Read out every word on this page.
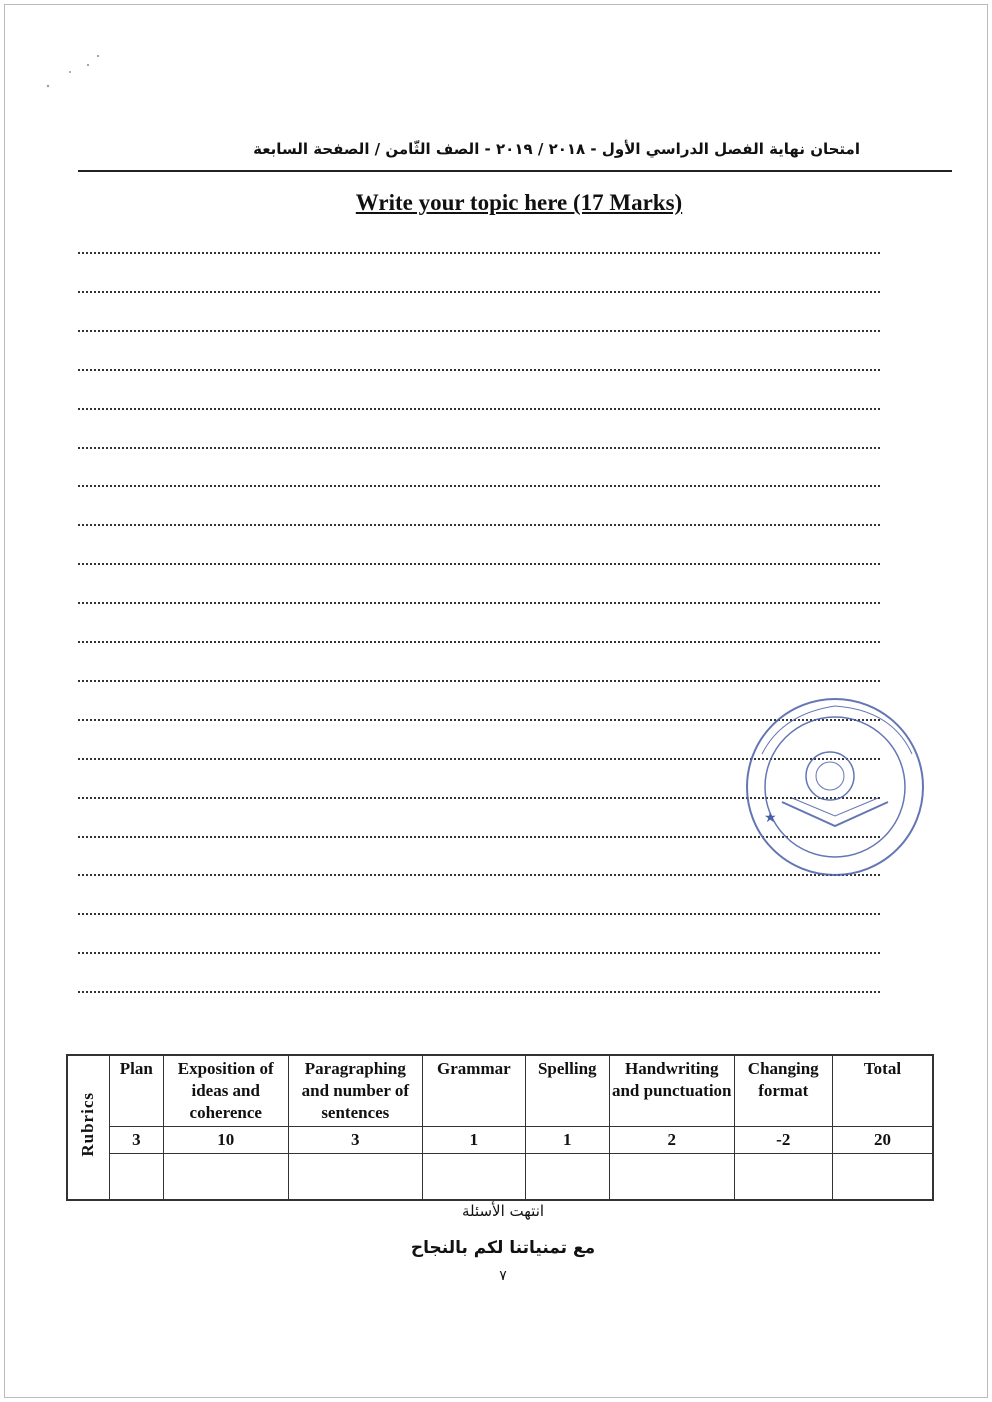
امتحان نهاية الفصل الدراسي الأول - ٢٠١٨ / ٢٠١٩ - الصف الثّامن / الصفحة السابعة
Write your topic here (17 Marks)
★
Rubrics	Plan	Exposition of ideas and coherence	Paragraphing and number of sentences	Grammar	Spelling	Handwriting and punctuation	Changing format	Total
	3	10	3	1	1	2	-2	20

انتهت الأسئلة
مع تمنياتنا لكم بالنجاح
٧
